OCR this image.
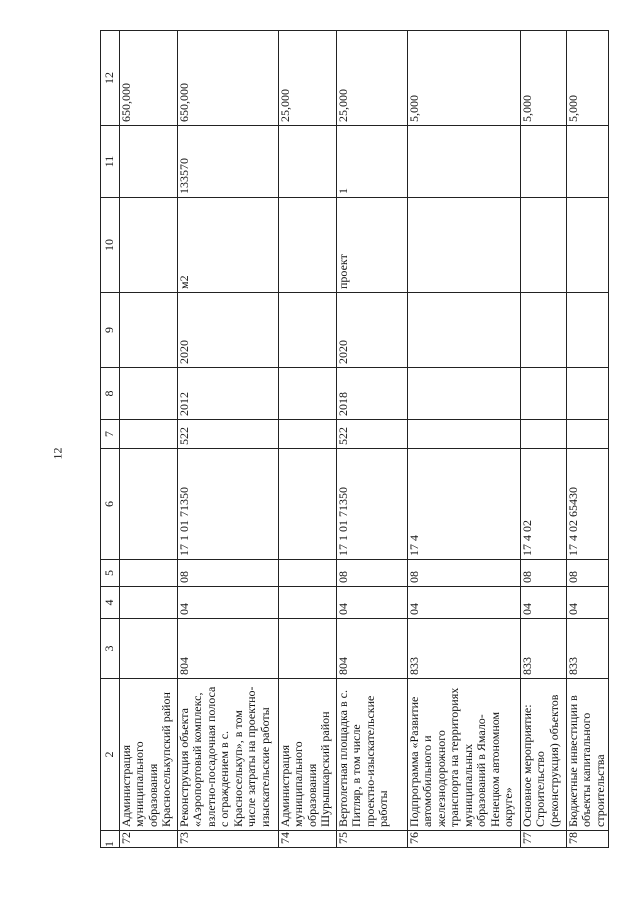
12
1	2	3	4	5	6	7	8	9	10	11	12
72	Администрация муниципального образования Красноселькупский район										650,000
73	Реконструкция объекта «Аэропортовый комплекс, взлетно-посадочная полоса с ограждением в с. Красноселькуп», в том числе затраты на проектно-изыскательские работы	804	04	08	17 1 01 71350	522	2012	2020	м2	133570	650,000
74	Администрация муниципального образования Шурышкарский район										25,000
75	Вертолетная площадка в с. Питляр, в том числе проектно-изыскательские работы	804	04	08	17 1 01 71350	522	2018	2020	проект	1	25,000
76	Подпрограмма «Развитие автомобильного и железнодорожного транспорта на территориях муниципальных образований в Ямало-Ненецком автономном округе»	833	04	08	17 4						5,000
77	Основное мероприятие: Строительство (реконструкция) объектов	833	04	08	17 4 02						5,000
78	Бюджетные инвестиции в объекты капитального строительства	833	04	08	17 4 02 65430						5,000
